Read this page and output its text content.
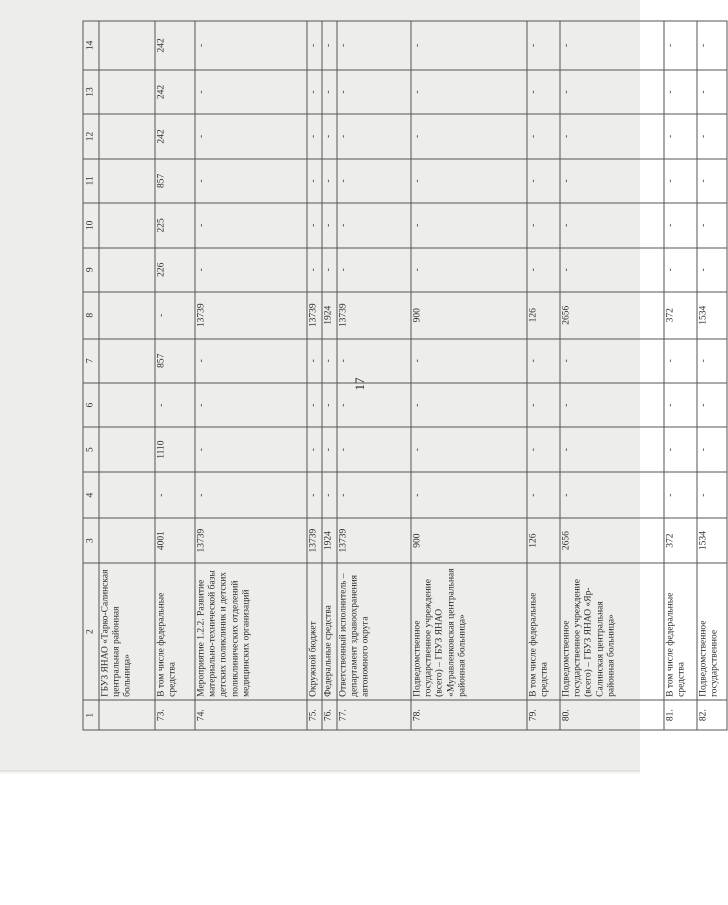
17
1	2	3	4	5	6	7	8	9	10	11	12	13	14
	ГБУЗ ЯНАО «Тарко-Салинская центральная районная больница»												
73.	В том числе федеральные средства	4001	-	1110	-	857	-	226	225	857	242	242	242
74.	Мероприятие 1.2.2. Развитие материально-технической базы детских поликлиник и детских поликлинических отделений медицинских организаций	13739	-	-	-	-	13739	-	-	-	-	-	-
75.	Окружной бюджет	13739	-	-	-	-	13739	-	-	-	-	-	-
76.	Федеральные средства	1924	-	-	-	-	1924	-	-	-	-	-	-
77.	Ответственный исполнитель – департамент здравоохранения автономного округа	13739	-	-	-	-	13739	-	-	-	-	-	-
78.	Подведомственное государственное учреждение (всего) – ГБУЗ ЯНАО «Муравленковская центральная районная больница»	900	-	-	-	-	900	-	-	-	-	-	-
79.	В том числе федеральные средства	126	-	-	-	-	126	-	-	-	-	-	-
80.	Подведомственное государственное учреждение (всего) – ГБУЗ ЯНАО «Яр-Салинская центральная районная больница»	2656	-	-	-	-	2656	-	-	-	-	-	-
81.	В том числе федеральные средства	372	-	-	-	-	372	-	-	-	-	-	-
82.	Подведомственное государственное	1534	-	-	-	-	1534	-	-	-	-	-	-
